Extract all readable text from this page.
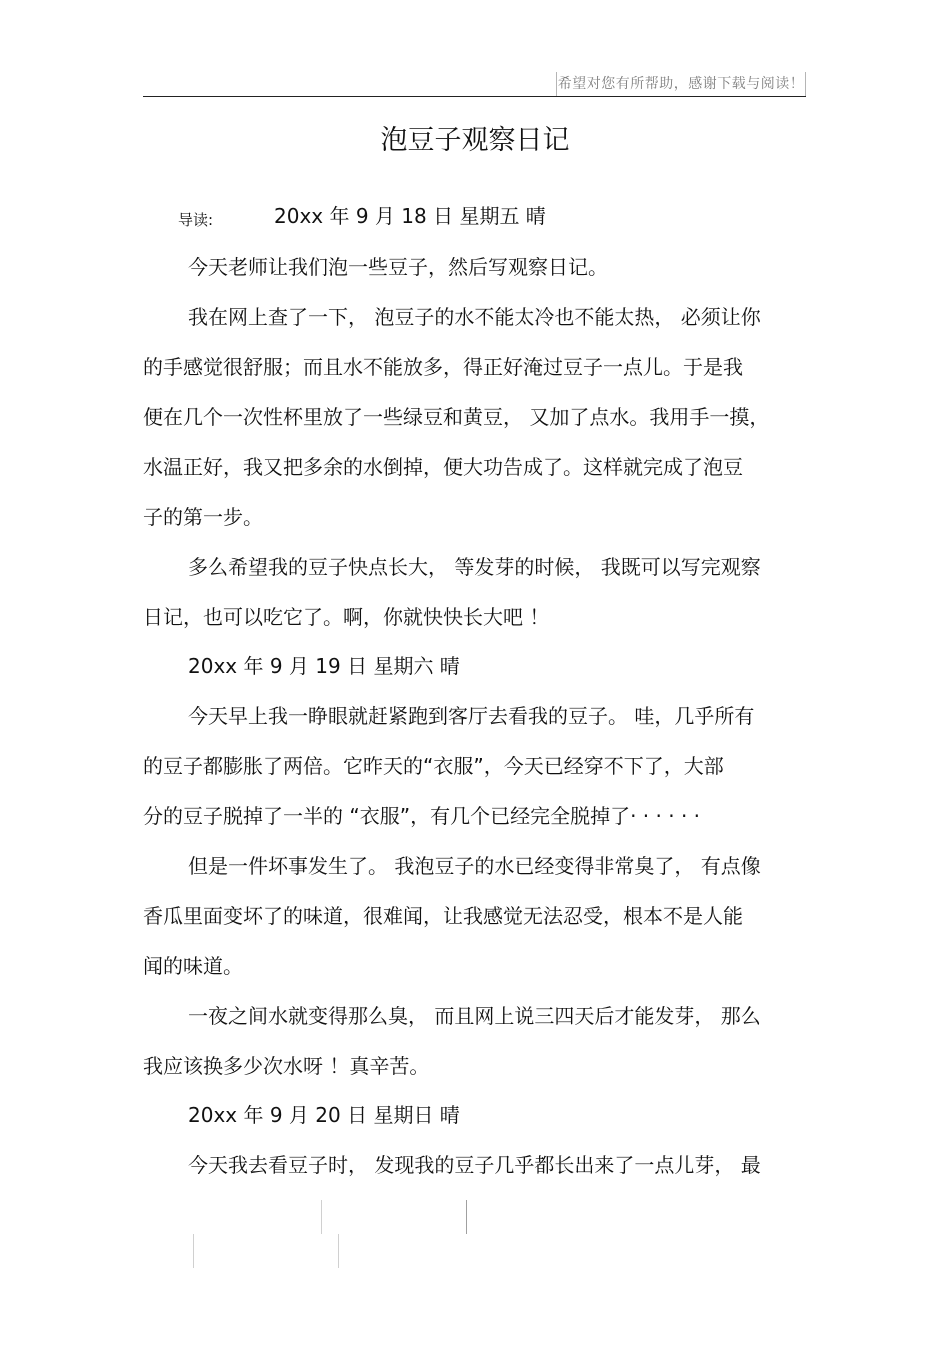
希望对您有所帮助，感谢下载与阅读！
泡豆子观察日记
导读:	20xx 年 9 月 18 日 星期五 晴
今天老师让我们泡一些豆子，然后写观察日记。
我在网上查了一下， 泡豆子的水不能太冷也不能太热， 必须让你
的手感觉很舒服；而且水不能放多，得正好淹过豆子一点儿。于是我
便在几个一次性杯里放了一些绿豆和黄豆， 又加了点水。我用手一摸，
水温正好，我又把多余的水倒掉，便大功告成了。这样就完成了泡豆
子的第一步。
多么希望我的豆子快点长大， 等发芽的时候， 我既可以写完观察
日记，也可以吃它了。啊，你就快快长大吧 ！
20xx 年 9 月 19 日 星期六 晴
今天早上我一睁眼就赶紧跑到客厅去看我的豆子。 哇，几乎所有
的豆子都膨胀了两倍。它昨天的“衣服”，今天已经穿不下了，大部
分的豆子脱掉了一半的 “衣服”，有几个已经完全脱掉了· · · · · ·
但是一件坏事发生了。 我泡豆子的水已经变得非常臭了， 有点像
香瓜里面变坏了的味道，很难闻，让我感觉无法忍受，根本不是人能
闻的味道。
一夜之间水就变得那么臭， 而且网上说三四天后才能发芽， 那么
我应该换多少次水呀 ！真辛苦。
20xx 年 9 月 20 日 星期日 晴
今天我去看豆子时， 发现我的豆子几乎都长出来了一点儿芽， 最
